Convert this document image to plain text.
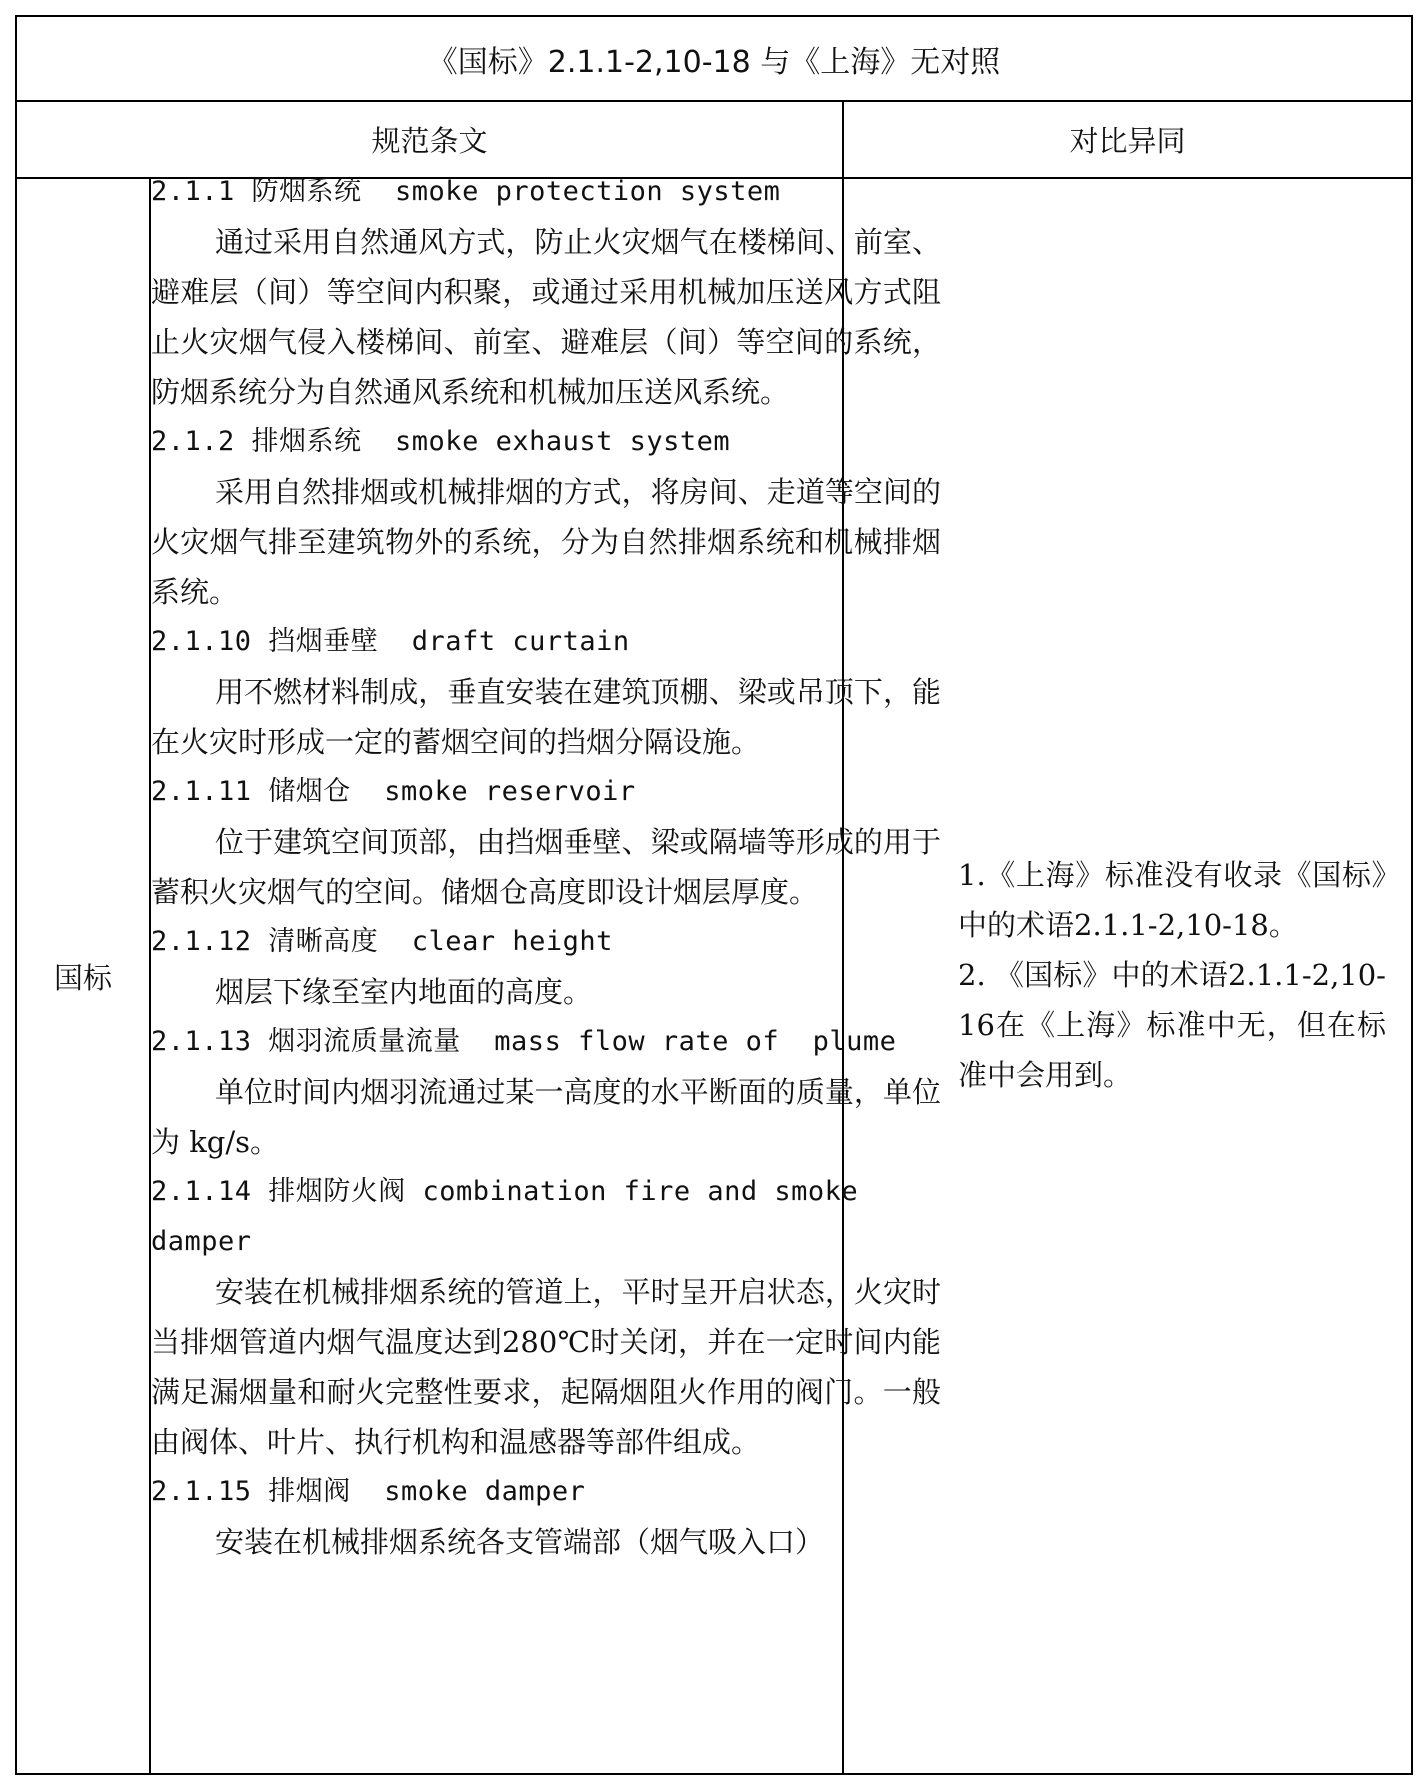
《国标》2.1.1-2,10-18 与《上海》无对照
规范条文	对比异同
国标
2.1.1 防烟系统  smoke protection system

通过采用自然通风方式，防止火灾烟气在楼梯间、前室、避难层（间）等空间内积聚，或通过采用机械加压送风方式阻止火灾烟气侵入楼梯间、前室、避难层（间）等空间的系统，防烟系统分为自然通风系统和机械加压送风系统。

2.1.2 排烟系统  smoke exhaust system

采用自然排烟或机械排烟的方式，将房间、走道等空间的火灾烟气排至建筑物外的系统，分为自然排烟系统和机械排烟系统。

2.1.10 挡烟垂壁  draft curtain

用不燃材料制成，垂直安装在建筑顶棚、梁或吊顶下，能在火灾时形成一定的蓄烟空间的挡烟分隔设施。

2.1.11 储烟仓  smoke reservoir

位于建筑空间顶部，由挡烟垂壁、梁或隔墙等形成的用于蓄积火灾烟气的空间。储烟仓高度即设计烟层厚度。

2.1.12 清晰高度  clear height

烟层下缘至室内地面的高度。

2.1.13 烟羽流质量流量  mass flow rate of  plume

单位时间内烟羽流通过某一高度的水平断面的质量，单位为 kg/s。

2.1.14 排烟防火阀 combination fire and smoke damper

安装在机械排烟系统的管道上，平时呈开启状态，火灾时当排烟管道内烟气温度达到280℃时关闭，并在一定时间内能满足漏烟量和耐火完整性要求，起隔烟阻火作用的阀门。一般由阀体、叶片、执行机构和温感器等部件组成。

2.1.15 排烟阀  smoke damper

安装在机械排烟系统各支管端部（烟气吸入口）

1.《上海》标准没有收录《国标》中的术语2.1.1-2,10-18。
2. 《国标》中的术语2.1.1-2,10-16在《上海》标准中无，但在标准中会用到。
